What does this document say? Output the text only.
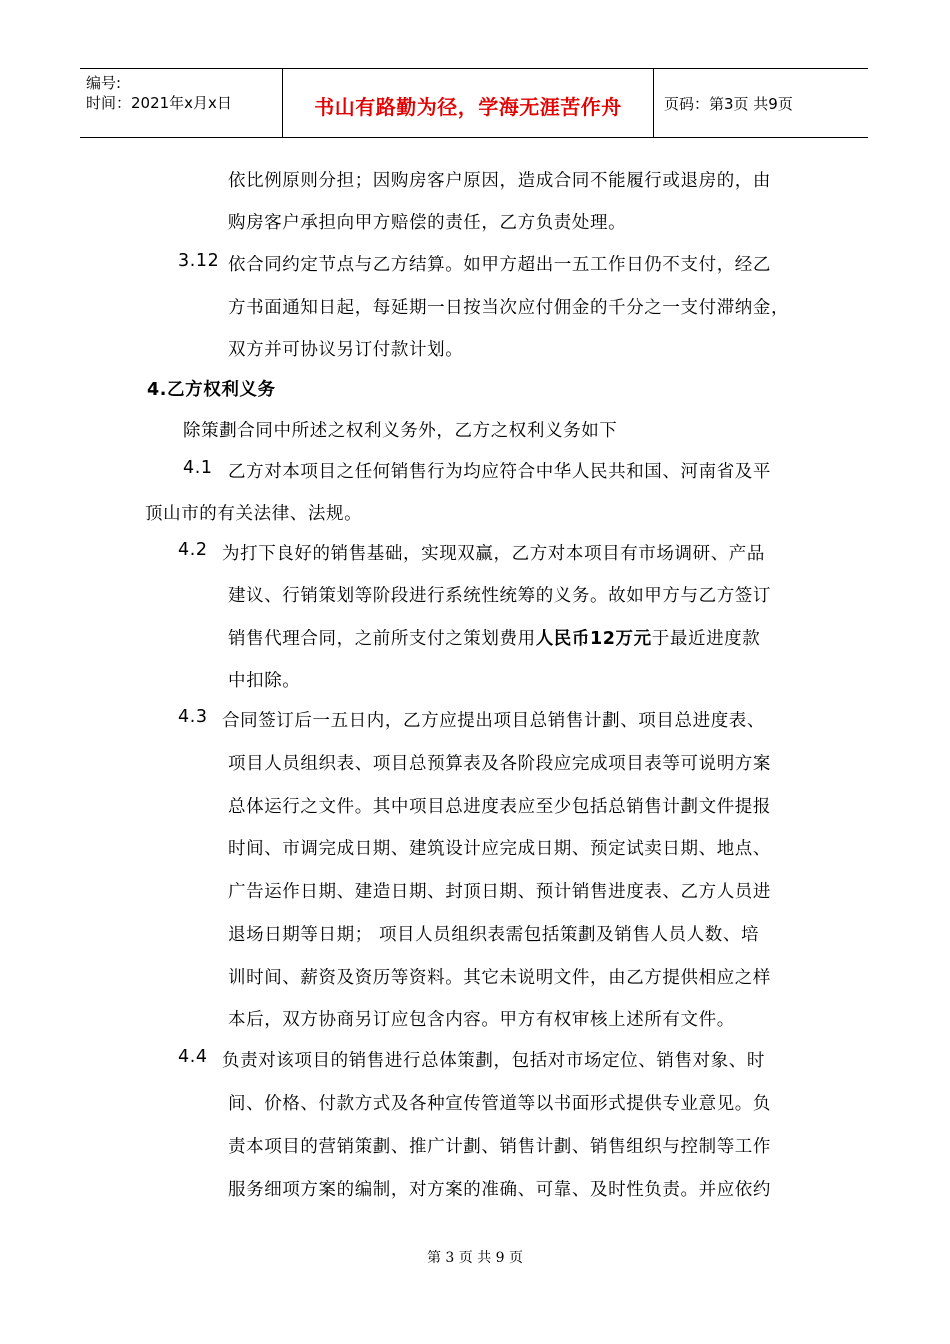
编号:
时间：2021年x月x日	书山有路勤为径，学海无涯苦作舟	页码：第3页 共9页
依比例原则分担；因购房客户原因，造成合同不能履行或退房的，由
购房客户承担向甲方赔偿的责任，乙方负责处理。
3.12 依合同约定节点与乙方结算。如甲方超出一五工作日仍不支付，经乙
方书面通知日起，每延期一日按当次应付佣金的千分之一支付滞纳金，
双方并可协议另订付款计划。
4.乙方权利义务
除策劃合同中所述之权利义务外，乙方之权利义务如下
4.1 乙方对本项目之任何销售行为均应符合中华人民共和国、河南省及平
顶山市的有关法律、法规。
4.2 为打下良好的销售基础，实现双赢，乙方对本项目有市场调研、产品
建议、行销策划等阶段进行系统性统筹的义务。故如甲方与乙方签订
销售代理合同，之前所支付之策划费用人民币12万元于最近进度款
中扣除。
4.3 合同签订后一五日内，乙方应提出项目总销售计劃、项目总进度表、
项目人员组织表、项目总预算表及各阶段应完成项目表等可说明方案
总体运行之文件。其中项目总进度表应至少包括总销售计劃文件提报
时间、市调完成日期、建筑设计应完成日期、预定试卖日期、地点、
广告运作日期、建造日期、封顶日期、预计销售进度表、乙方人员进
退场日期等日期； 项目人员组织表需包括策劃及销售人员人数、培
训时间、薪资及资历等资料。其它未说明文件，由乙方提供相应之样
本后，双方协商另订应包含内容。甲方有权审核上述所有文件。
4.4 负责对该项目的销售进行总体策劃，包括对市场定位、销售对象、时
间、价格、付款方式及各种宣传管道等以书面形式提供专业意见。负
责本项目的营销策劃、推广计劃、销售计劃、销售组织与控制等工作
服务细项方案的编制，对方案的准确、可靠、及时性负责。并应依约
第 3 页 共 9 页
